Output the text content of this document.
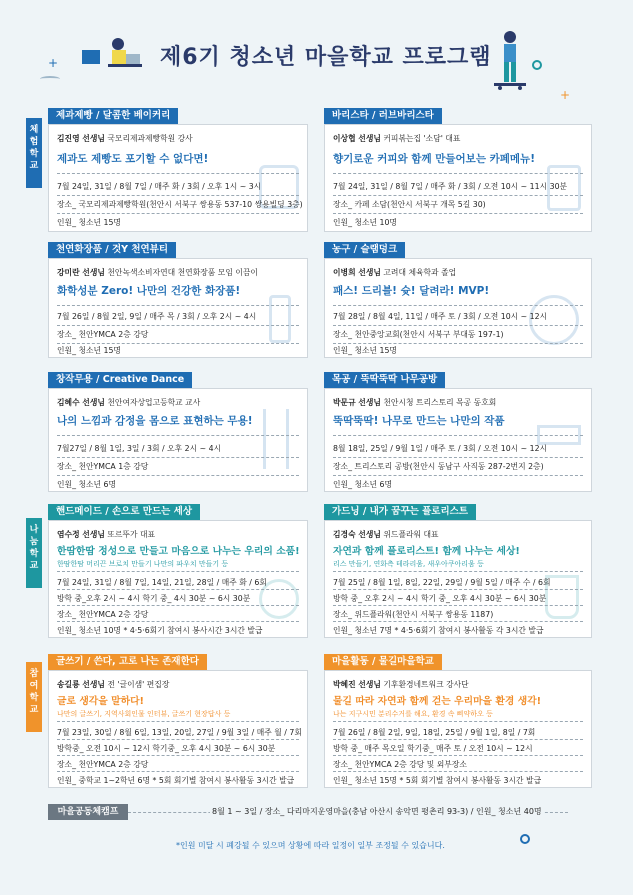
+
+
제6기 청소년 마을학교 프로그램
체
험
학
교
나
눔
학
교
참
여
학
교
제과제빵 / 달콤한 베이커리
김진영 선생님 국모리제과제빵학원 강사
제과도 제빵도 포기할 수 없다면!
7월 24일, 31일 / 8월 7일 / 매주 화 / 3회 / 오후 1시 ~ 3시
장소_ 국모리제과제빵학원(천안시 서북구 쌍용동 537-10 쌍용빌딩 3층)
인원_ 청소년 15명
바리스타 / 러브바리스타
이상협 선생님 커피볶는집 '소담' 대표
향기로운 커피와 함께 만들어보는 카페메뉴!
7월 24일, 31일 / 8월 7일 / 매주 화 / 3회 / 오전 10시 ~ 11시 30분
장소_ 카페 소담(천안시 서북구 개목 5길 30)
인원_ 청소년 10명
천연화장품 / 것Y 천연뷰티
강미란 선생님 천안녹색소비자연대 천연화장품 모임 이끔이
화학성분 Zero! 나만의 건강한 화장품!
7월 26일 / 8월 2일, 9일 / 매주 목 / 3회 / 오후 2시 ~ 4시
장소_ 천안YMCA 2층 강당
인원_ 청소년 15명
농구 / 슬램덩크
이병희 선생님 고려대 체육학과 졸업
패스! 드리블! 슛! 달려라! MVP!
7월 28일 / 8월 4일, 11일 / 매주 토 / 3회 / 오전 10시 ~ 12시
장소_ 천안중앙교회(천안시 서북구 부대동 197-1)
인원_ 청소년 15명
창작무용 / Creative Dance
김혜수 선생님 천안여자상업고등학교 교사
나의 느낌과 감정을 몸으로 표현하는 무용!
7월27일 / 8월 1일, 3일 / 3회 / 오후 2시 ~ 4시
장소_ 천안YMCA 1층 강당
인원_ 청소년 6명
목공 / 뚝딱뚝딱 나무공방
박문규 선생님 천안시청 트리스토리 목공 동호회
뚝딱뚝딱! 나무로 만드는 나만의 작품
8월 18일, 25일 / 9월 1일 / 매주 토 / 3회 / 오전 10시 ~ 12시
장소_ 트리스토리 공방(천안시 동남구 사직동 287-2번지 2층)
인원_ 청소년 6명
핸드메이드 / 손으로 만드는 세상
염수정 선생님 또르뚜가 대표
한땀한땀 정성으로 만들고 마음으로 나누는 우리의 소품!
한땀한땀 머리끈 브로치 만들기 나만의 파우치 만들기 등
7월 24일, 31일 / 8월 7일, 14일, 21일, 28일 / 매주 화 / 6회
방학 중_오후 2시 ~ 4시 학기 중_ 4시 30분 ~ 6시 30분
장소_ 천안YMCA 2층 강당
인원_ 청소년 10명 * 4·5·6회기 참여시 봉사시간 3시간 발급
가드닝 / 내가 꿈꾸는 플로리스트
김경숙 선생님 위드플라워 대표
자연과 함께 플로리스트! 함께 나누는 세상!
리스 만들기, 연화측 테라리움, 새우아쿠아리움 등
7월 25일 / 8월 1일, 8일, 22일, 29일 / 9월 5일 / 매주 수 / 6회
방학 중_ 오후 2시 ~ 4시 학기 중_ 오후 4시 30분 ~ 6시 30분
장소_ 위드플라워(천안시 서북구 쌍용동 1187)
인원_ 청소년 7명 * 4·5·6회기 참여시 봉사활동 각 3시간 발급
글쓰기 / 쓴다, 고로 나는 존재한다
송길룡 선생님 전 '글이샘' 편집장
글로 생각을 말하다!
나만의 글쓰기, 지역사회인물 인터뷰, 글쓰기 현장답사 등
7월 23일, 30일 / 8월 6일, 13일, 20일, 27일 / 9월 3일 / 매주 월 / 7회
방학중_ 오전 10시 ~ 12시 학기중_ 오후 4시 30분 ~ 6시 30분
장소_ 천안YMCA 2층 강당
인원_ 중학교 1~2학년 6명 * 5회 회기별 참여시 봉사활동 3시간 발급
마을활동 / 물길마을학교
박혜진 선생님 기후환경네트워크 강사단
물길 따라 자연과 함께 걷는 우리마을 환경 생각!
나는 지구시민 분리수거를 해요, 환경 속 삐약하오 등
7월 26일 / 8월 2일, 9일, 18일, 25일 / 9월 1일, 8일 / 7회
방학 중_ 매주 목오일 학기중_ 매주 토 / 오전 10시 ~ 12시
장소_ 천안YMCA 2층 강당 및 외부장소
인원_ 청소년 15명 * 5회 회기별 참여시 봉사활동 3시간 발급
마을공동체캠프	8월 1 ~ 3일 / 장소_ 다리마지운영마을(충남 아산시 송악면 평촌리 93-3) / 인원_ 청소년 40명
*인원 미달 시 폐강될 수 있으며 상황에 따라 일정이 일부 조정될 수 있습니다.
